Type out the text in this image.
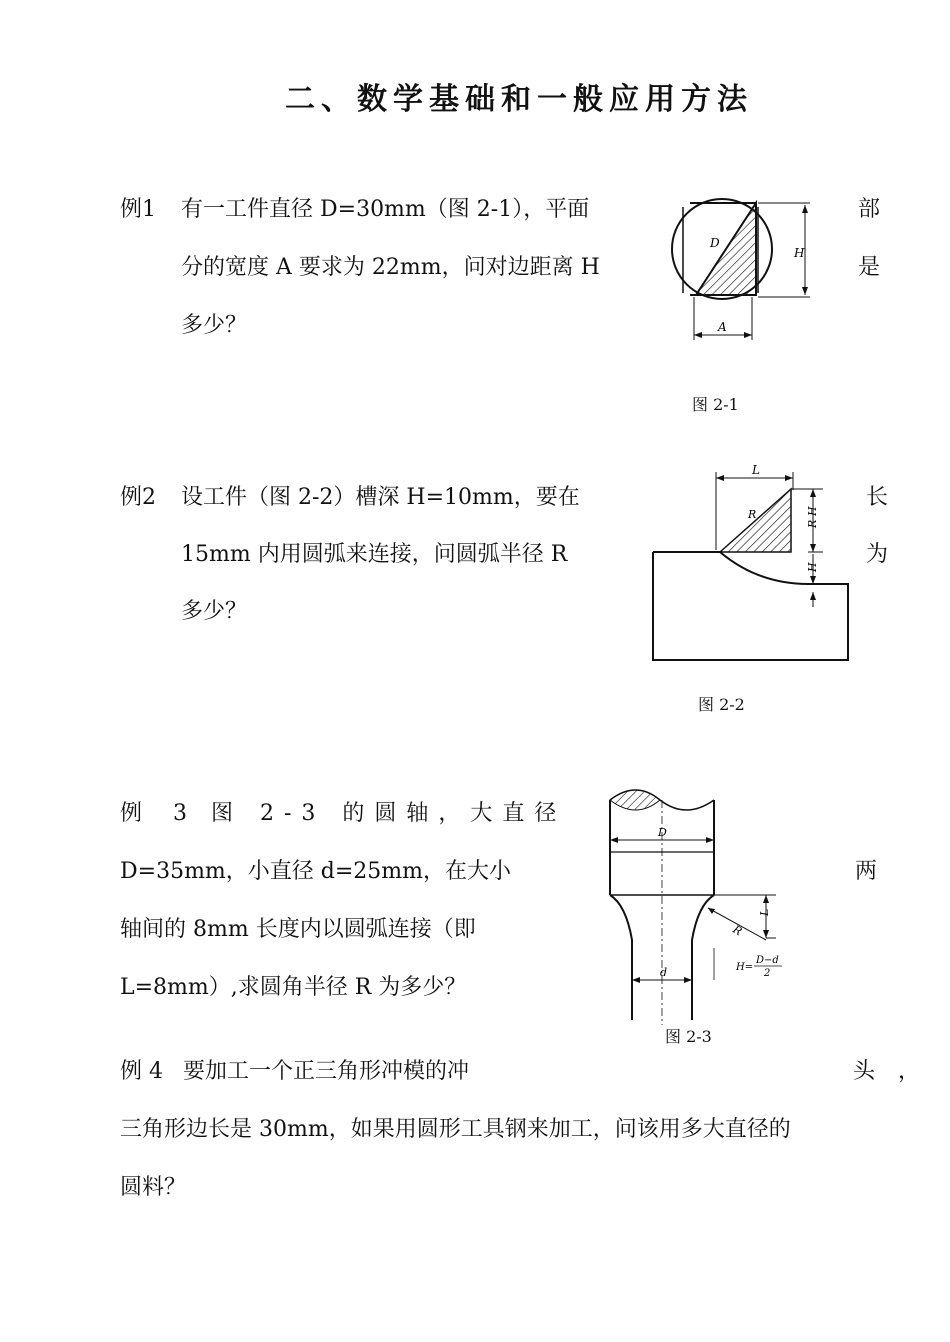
二、数学基础和一般应用方法
例1 有一工件直径 D=30mm（图 2-1），平面	部
分的宽度 A 要求为 22mm，问对边距离 H	是
多少？
H
D
A
图 2-1
例2 设工件（图 2-2）槽深 H=10mm，要在	长
15mm 内用圆弧来连接，问圆弧半径 R	为
多少？
L
R	R-H
H
图 2-2
例 3 图 2-3 的圆轴，大直径
D=35mm，小直径 d=25mm，在大小	两
轴间的 8mm 长度内以圆弧连接（即
L=8mm）,求圆角半径 R 为多少？
D
d
L
R
H=
D−d
2
图 2-3
例 4 要加工一个正三角形冲模的冲	头 ，
三角形边长是 30mm，如果用圆形工具钢来加工，问该用多大直径的
圆料？
